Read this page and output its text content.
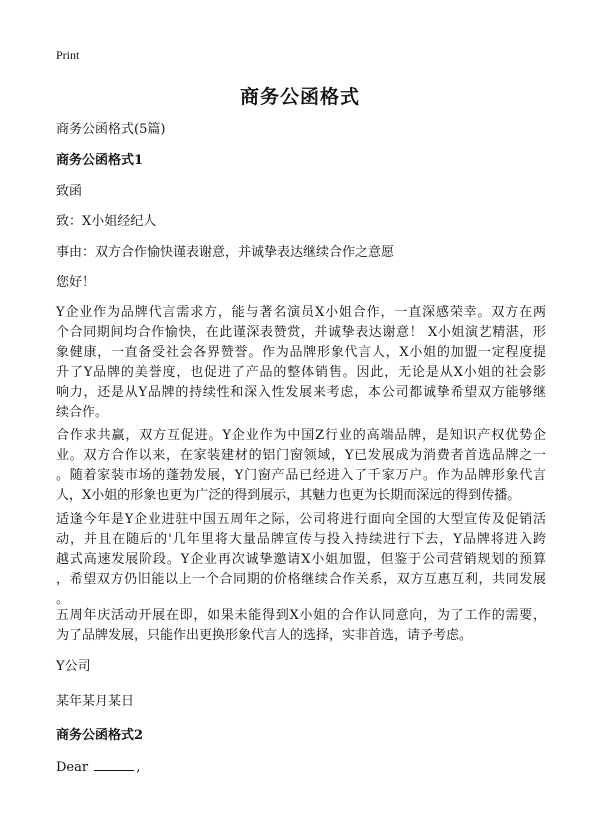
Print
商务公函格式
商务公函格式(5篇)
商务公函格式1
致函
致：X小姐经纪人
事由：双方合作愉快谨表谢意，并诚挚表达继续合作之意愿
您好！
Y企业作为品牌代言需求方，能与著名演员X小姐合作，一直深感荣幸。双方在两
个合同期间均合作愉快，在此谨深表赞赏，并诚挚表达谢意！ X小姐演艺精湛，形
象健康，一直备受社会各界赞誉。作为品牌形象代言人，X小姐的加盟一定程度提
升了Y品牌的美誉度，也促进了产品的整体销售。因此，无论是从X小姐的社会影
响力，还是从Y品牌的持续性和深入性发展来考虑，本公司都诚挚希望双方能够继
续合作。
合作求共赢，双方互促进。Y企业作为中国Z行业的高端品牌，是知识产权优势企
业。双方合作以来，在家装建材的铝门窗领域，Y已发展成为消费者首选品牌之一
。随着家装市场的蓬勃发展，Y门窗产品已经进入了千家万户。作为品牌形象代言
人，X小姐的形象也更为广泛的得到展示，其魅力也更为长期而深远的得到传播。
适逢今年是Y企业进驻中国五周年之际，公司将进行面向全国的大型宣传及促销活
动，并且在随后的'几年里将大量品牌宣传与投入持续进行下去，Y品牌将进入跨
越式高速发展阶段。Y企业再次诚挚邀请X小姐加盟，但鉴于公司营销规划的预算
，希望双方仍旧能以上一个合同期的价格继续合作关系，双方互惠互利，共同发展
。
五周年庆活动开展在即，如果未能得到X小姐的合作认同意向，为了工作的需要，
为了品牌发展，只能作出更换形象代言人的选择，实非首选，请予考虑。
Y公司
某年某月某日
商务公函格式2
Dear	,
